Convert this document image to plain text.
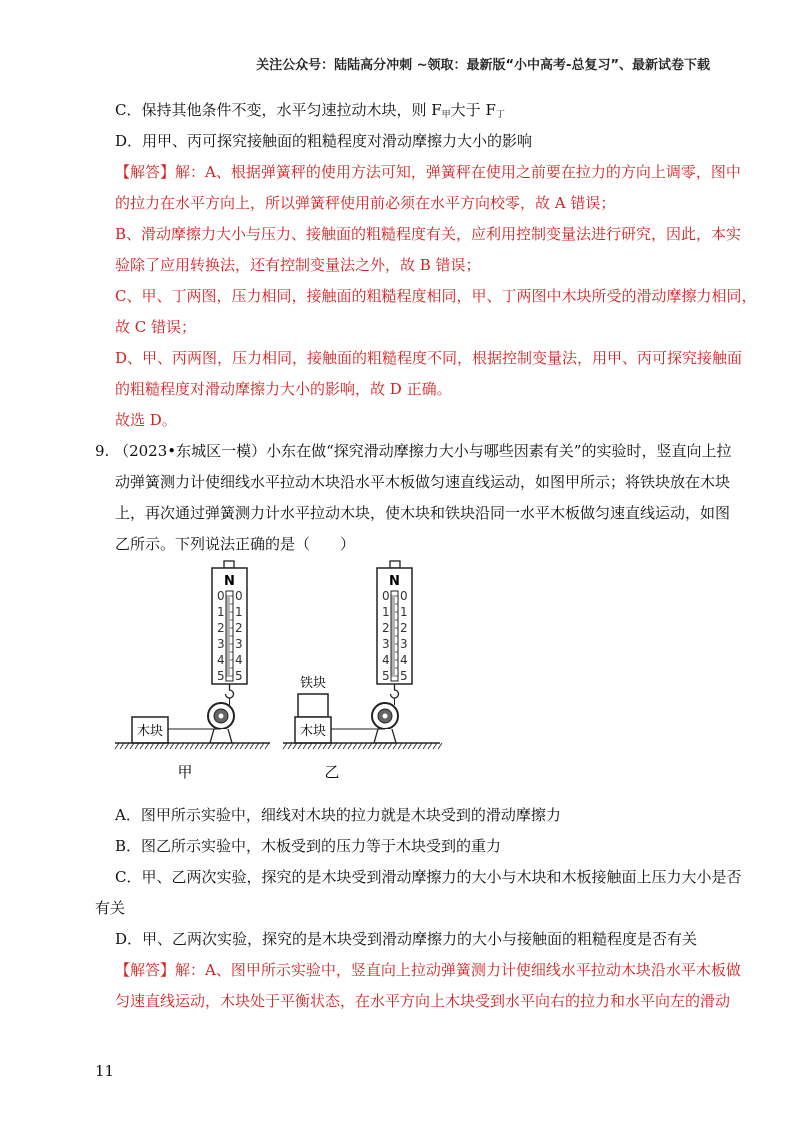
关注公众号：陆陆高分冲刺 ~领取：最新版“小中高考-总复习”、最新试卷下载
C．保持其他条件不变，水平匀速拉动木块，则 $F_甲$大于 $F_丁$
D．用甲、丙可探究接触面的粗糙程度对滑动摩擦力大小的影响
【解答】解：A、根据弹簧秤的使用方法可知，弹簧秤在使用之前要在拉力的方向上调零，图中
的拉力在水平方向上，所以弹簧秤使用前必须在水平方向校零，故 A 错误；
B、滑动摩擦力大小与压力、接触面的粗糙程度有关，应利用控制变量法进行研究，因此，本实
验除了应用转换法，还有控制变量法之外，故 B 错误；
C、甲、丁两图，压力相同，接触面的粗糙程度相同，甲、丁两图中木块所受的滑动摩擦力相同，
故 C 错误；
D、甲、丙两图，压力相同，接触面的粗糙程度不同，根据控制变量法，用甲、丙可探究接触面
的粗糙程度对滑动摩擦力大小的影响，故 D 正确。
故选 D。
9. （2023•东城区一模）小东在做“探究滑动摩擦力大小与哪些因素有关”的实验时，竖直向上拉
动弹簧测力计使细线水平拉动木块沿水平木板做匀速直线运动，如图甲所示；将铁块放在木块
上，再次通过弹簧测力计水平拉动木块，使木块和铁块沿同一水平木板做匀速直线运动，如图
乙所示。下列说法正确的是（　　）
N
0
1
2
3
4
5
0
1
2
3
4
5
木块
甲
N
0
1
2
3
4
5
0
1
2
3
4
5
铁块
木块
乙
A．图甲所示实验中，细线对木块的拉力就是木块受到的滑动摩擦力
B．图乙所示实验中，木板受到的压力等于木块受到的重力
C．甲、乙两次实验，探究的是木块受到滑动摩擦力的大小与木块和木板接触面上压力大小是否
有关
D．甲、乙两次实验，探究的是木块受到滑动摩擦力的大小与接触面的粗糙程度是否有关
【解答】解：A、图甲所示实验中，竖直向上拉动弹簧测力计使细线水平拉动木块沿水平木板做
匀速直线运动，木块处于平衡状态，在水平方向上木块受到水平向右的拉力和水平向左的滑动
11
